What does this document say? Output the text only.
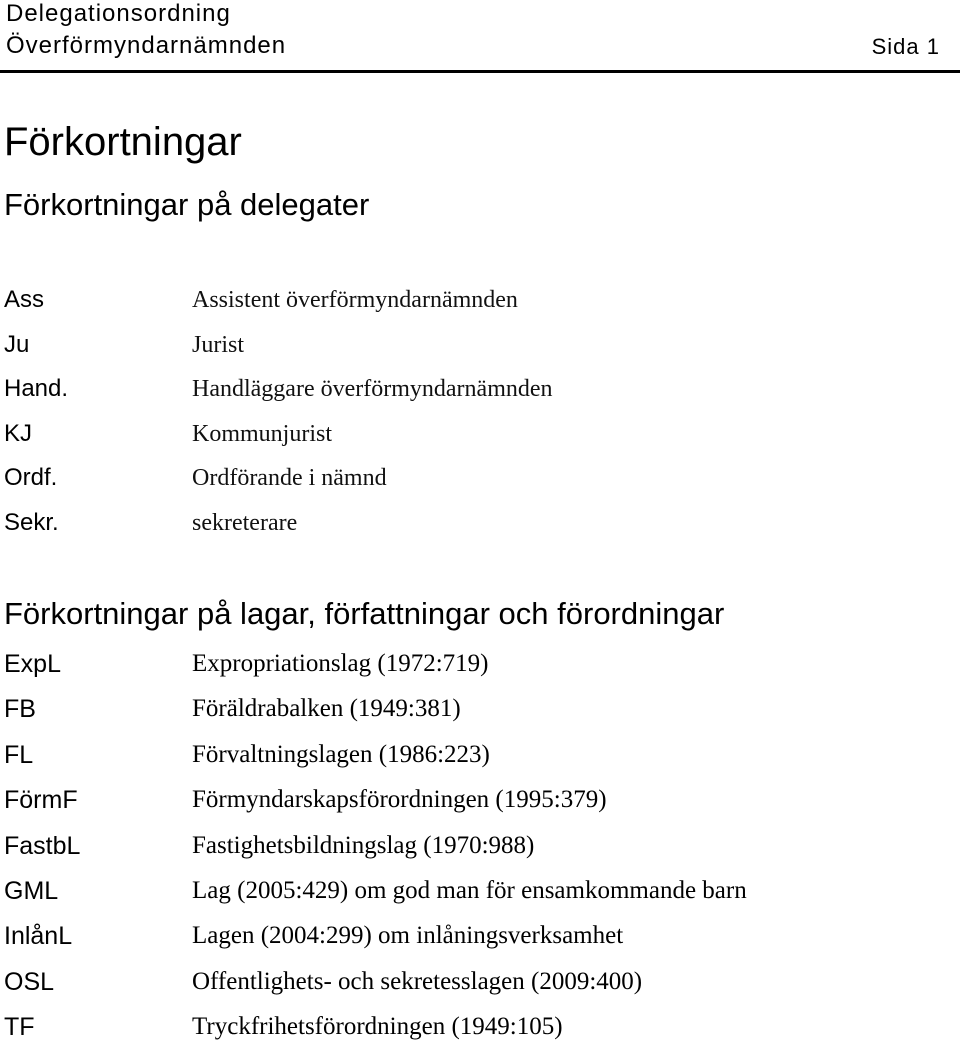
Delegationsordning
Överförmyndarnämnden	Sida 1
Förkortningar
Förkortningar på delegater
Ass	Assistent överförmyndarnämnden
Ju	Jurist
Hand.	Handläggare överförmyndarnämnden
KJ	Kommunjurist
Ordf.	Ordförande i nämnd
Sekr.	sekreterare
Förkortningar på lagar, författningar och förordningar
ExpL	Expropriationslag (1972:719)
FB	Föräldrabalken (1949:381)
FL	Förvaltningslagen (1986:223)
FörmF	Förmyndarskapsförordningen (1995:379)
FastbL	Fastighetsbildningslag (1970:988)
GML	Lag (2005:429) om god man för ensamkommande barn
InlånL	Lagen (2004:299) om inlåningsverksamhet
OSL	Offentlighets- och sekretesslagen (2009:400)
TF	Tryckfrihetsförordningen (1949:105)
